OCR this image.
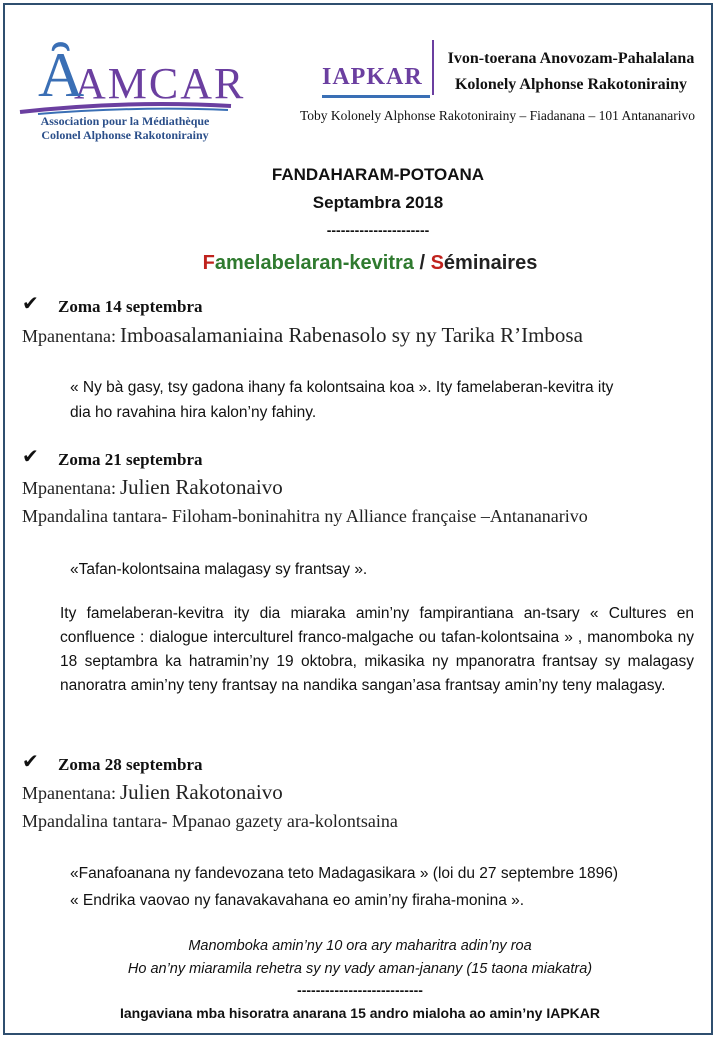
Ȃ
AMCAR
Association pour la Médiathèque
Colonel Alphonse Rakotonirainy
IAPKAR
Ivon-toerana Anovozam-Pahalalana
Kolonely Alphonse Rakotonirainy
Toby Kolonely Alphonse Rakotonirainy – Fiadanana – 101 Antananarivo
FANDAHARAM-POTOANA
Septambra 2018
----------------------
Famelabelaran-kevitra / Séminaires
✔ Zoma 14 septembra
Mpanentana: Imboasalamaniaina Rabenasolo sy ny Tarika R’Imbosa
« Ny bà gasy, tsy gadona ihany fa kolontsaina koa ». Ity famelaberan-kevitra ity
dia ho ravahina hira kalon’ny fahiny.
✔ Zoma 21 septembra
Mpanentana: Julien Rakotonaivo
Mpandalina tantara- Filoham-boninahitra ny Alliance française –Antananarivo
«Tafan-kolontsaina malagasy sy frantsay ».
Ity famelaberan-kevitra ity dia miaraka amin’ny fampirantiana an-tsary « Cultures en confluence : dialogue interculturel franco-malgache ou tafan-kolontsaina » , manomboka ny 18 septambra ka hatramin’ny 19 oktobra, mikasika ny mpanoratra frantsay sy malagasy nanoratra amin’ny teny frantsay na nandika sangan’asa frantsay amin’ny teny malagasy.
✔ Zoma 28 septembra
Mpanentana: Julien Rakotonaivo
Mpandalina tantara- Mpanao gazety ara-kolontsaina
«Fanafoanana ny fandevozana teto Madagasikara » (loi du 27 septembre 1896)
« Endrika vaovao ny fanavakavahana eo amin’ny firaha-monina ».
Manomboka amin’ny 10 ora ary maharitra adin’ny roa
Ho an’ny miaramila rehetra sy ny vady aman-janany (15 taona miakatra)
---------------------------
Iangaviana mba hisoratra anarana 15 andro mialoha ao amin’ny IAPKAR
